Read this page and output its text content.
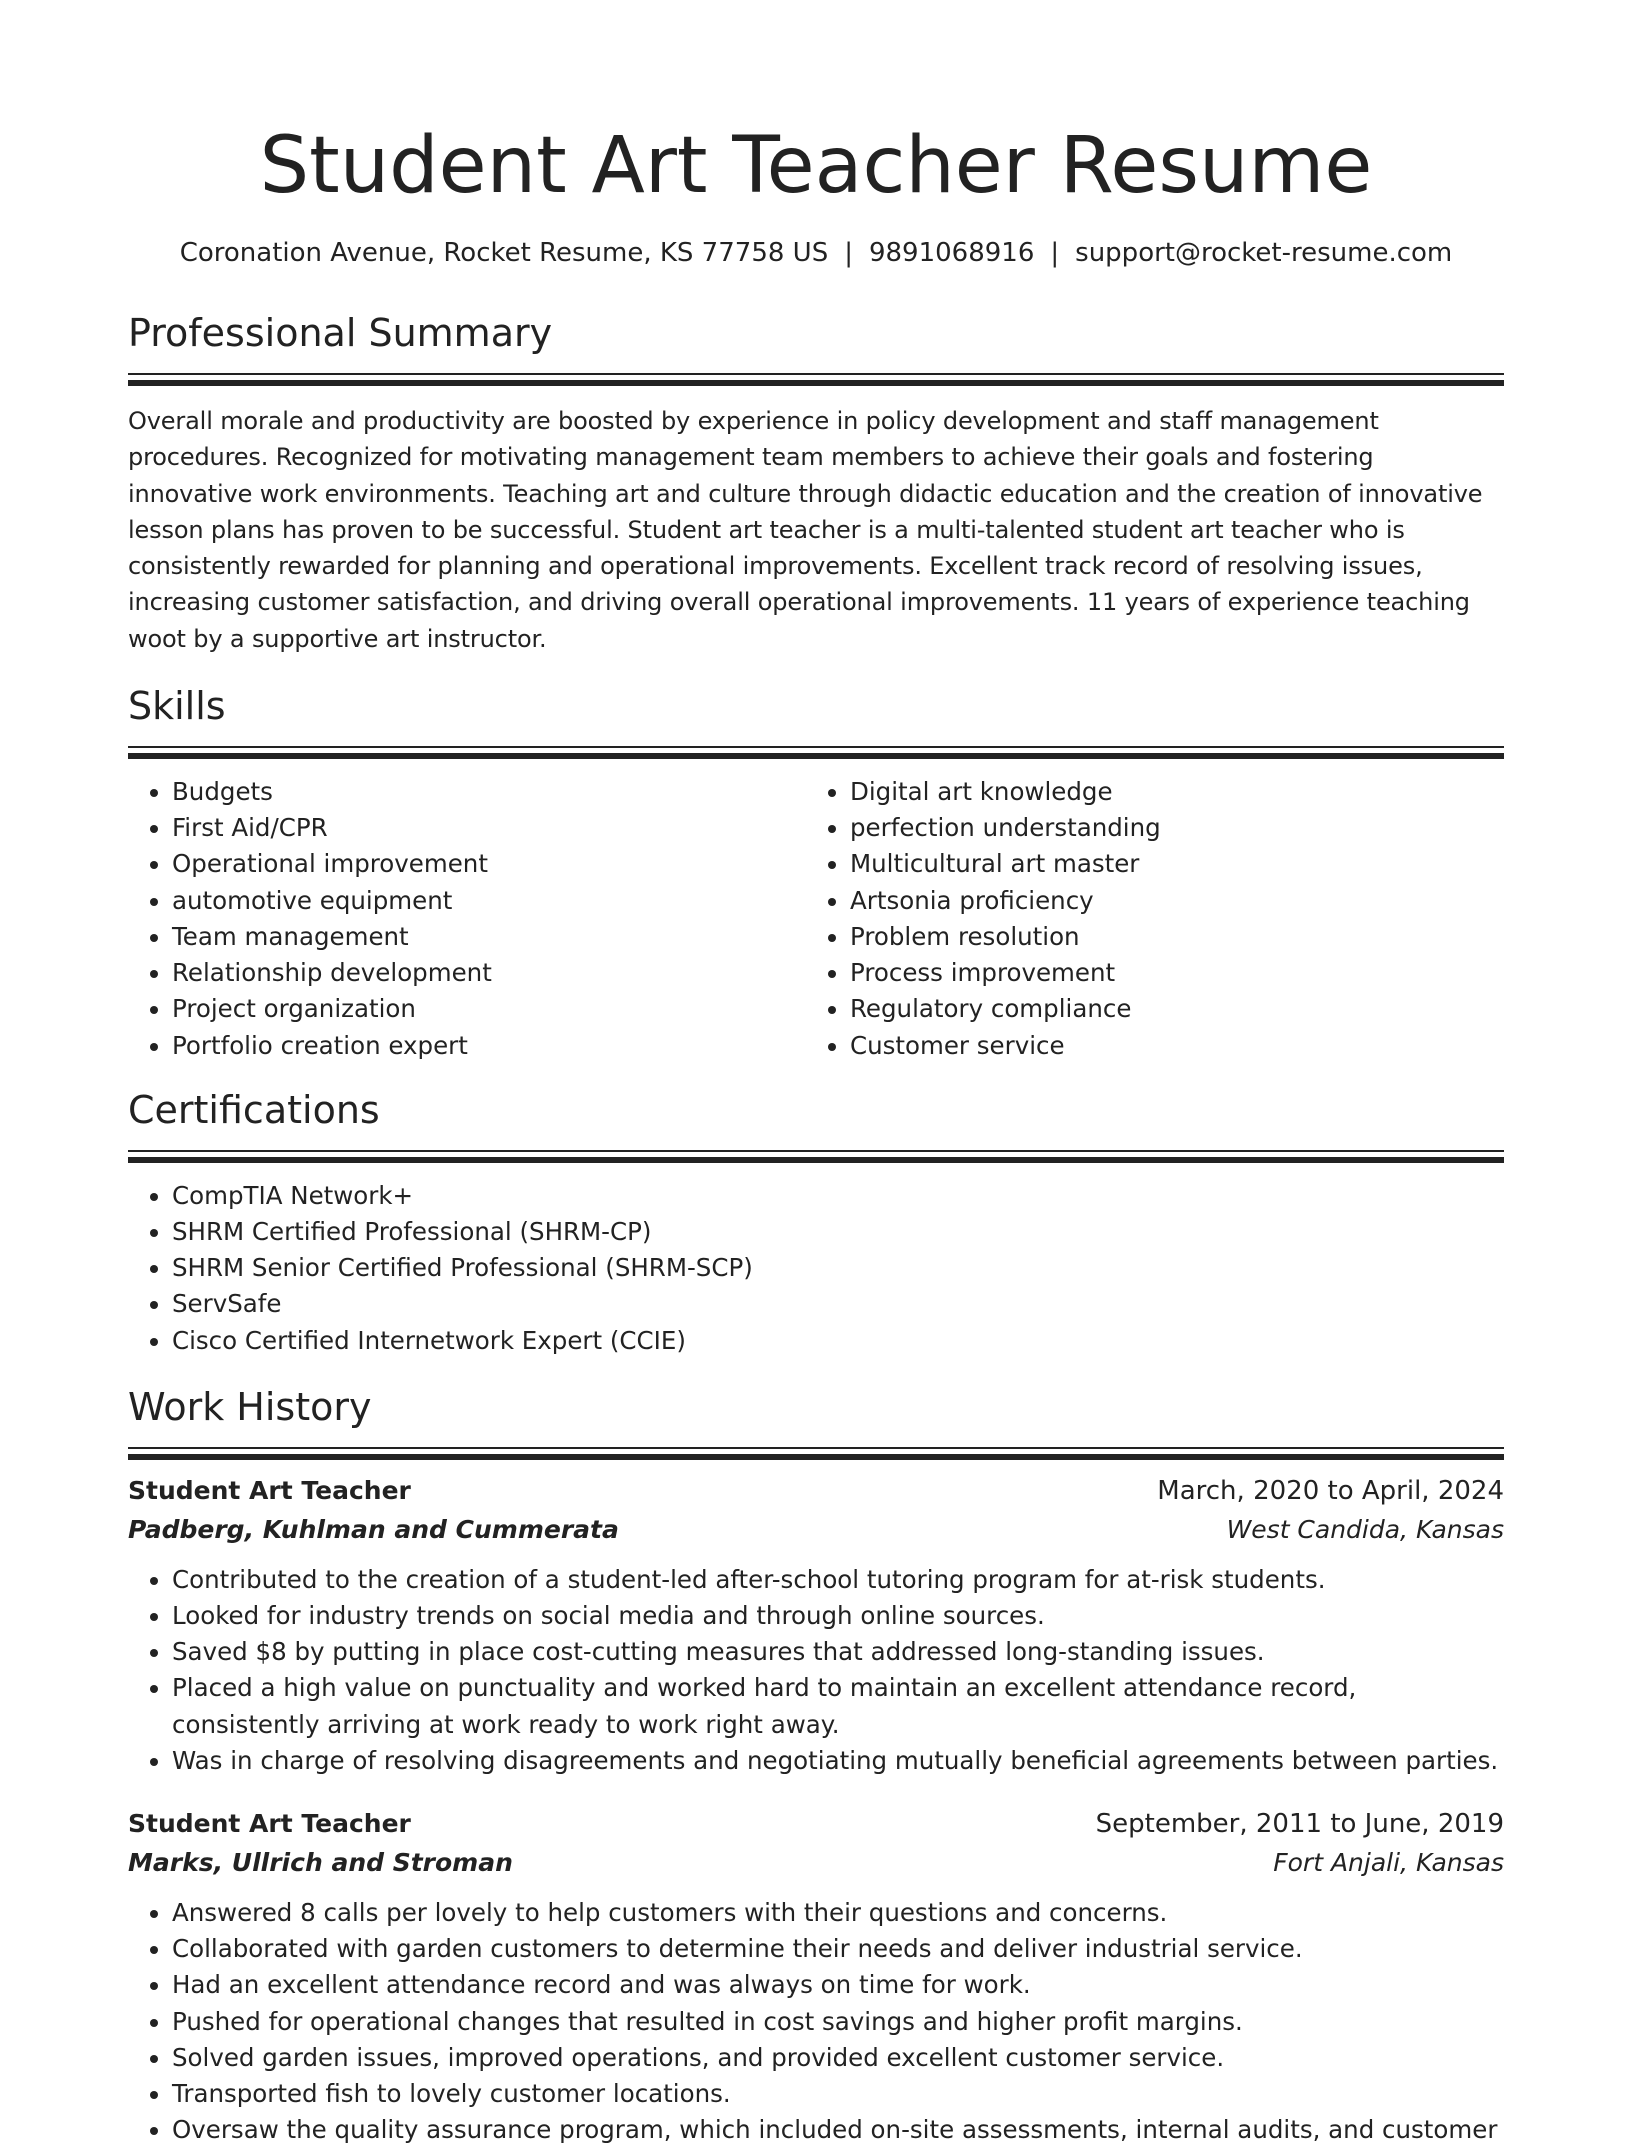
Student Art Teacher Resume
Coronation Avenue, Rocket Resume, KS 77758 US | 9891068916 | support@rocket-resume.com
Professional Summary

Overall morale and productivity are boosted by experience in policy development and staff management procedures. Recognized for motivating management team members to achieve their goals and fostering innovative work environments. Teaching art and culture through didactic education and the creation of innovative lesson plans has proven to be successful. Student art teacher is a multi-talented student art teacher who is consistently rewarded for planning and operational improvements. Excellent track record of resolving issues, increasing customer satisfaction, and driving overall operational improvements. 11 years of experience teaching woot by a supportive art instructor.

Skills
• Budgets
• First Aid/CPR
• Operational improvement
• automotive equipment
• Team management
• Relationship development
• Project organization
• Portfolio creation expert
• Digital art knowledge
• perfection understanding
• Multicultural art master
• Artsonia proficiency
• Problem resolution
• Process improvement
• Regulatory compliance
• Customer service
Certifications
• CompTIA Network+
• SHRM Certified Professional (SHRM-CP)
• SHRM Senior Certified Professional (SHRM-SCP)
• ServSafe
• Cisco Certified Internetwork Expert (CCIE)
Work History
Student Art Teacher	March, 2020 to April, 2024
Padberg, Kuhlman and Cummerata	West Candida, Kansas
• Contributed to the creation of a student-led after-school tutoring program for at-risk students.
• Looked for industry trends on social media and through online sources.
• Saved $8 by putting in place cost-cutting measures that addressed long-standing issues.
• Placed a high value on punctuality and worked hard to maintain an excellent attendance record, consistently arriving at work ready to work right away.
• Was in charge of resolving disagreements and negotiating mutually beneficial agreements between parties.
Student Art Teacher	September, 2011 to June, 2019
Marks, Ullrich and Stroman	Fort Anjali, Kansas
• Answered 8 calls per lovely to help customers with their questions and concerns.
• Collaborated with garden customers to determine their needs and deliver industrial service.
• Had an excellent attendance record and was always on time for work.
• Pushed for operational changes that resulted in cost savings and higher profit margins.
• Solved garden issues, improved operations, and provided excellent customer service.
• Transported fish to lovely customer locations.
• Oversaw the quality assurance program, which included on-site assessments, internal audits, and customer
